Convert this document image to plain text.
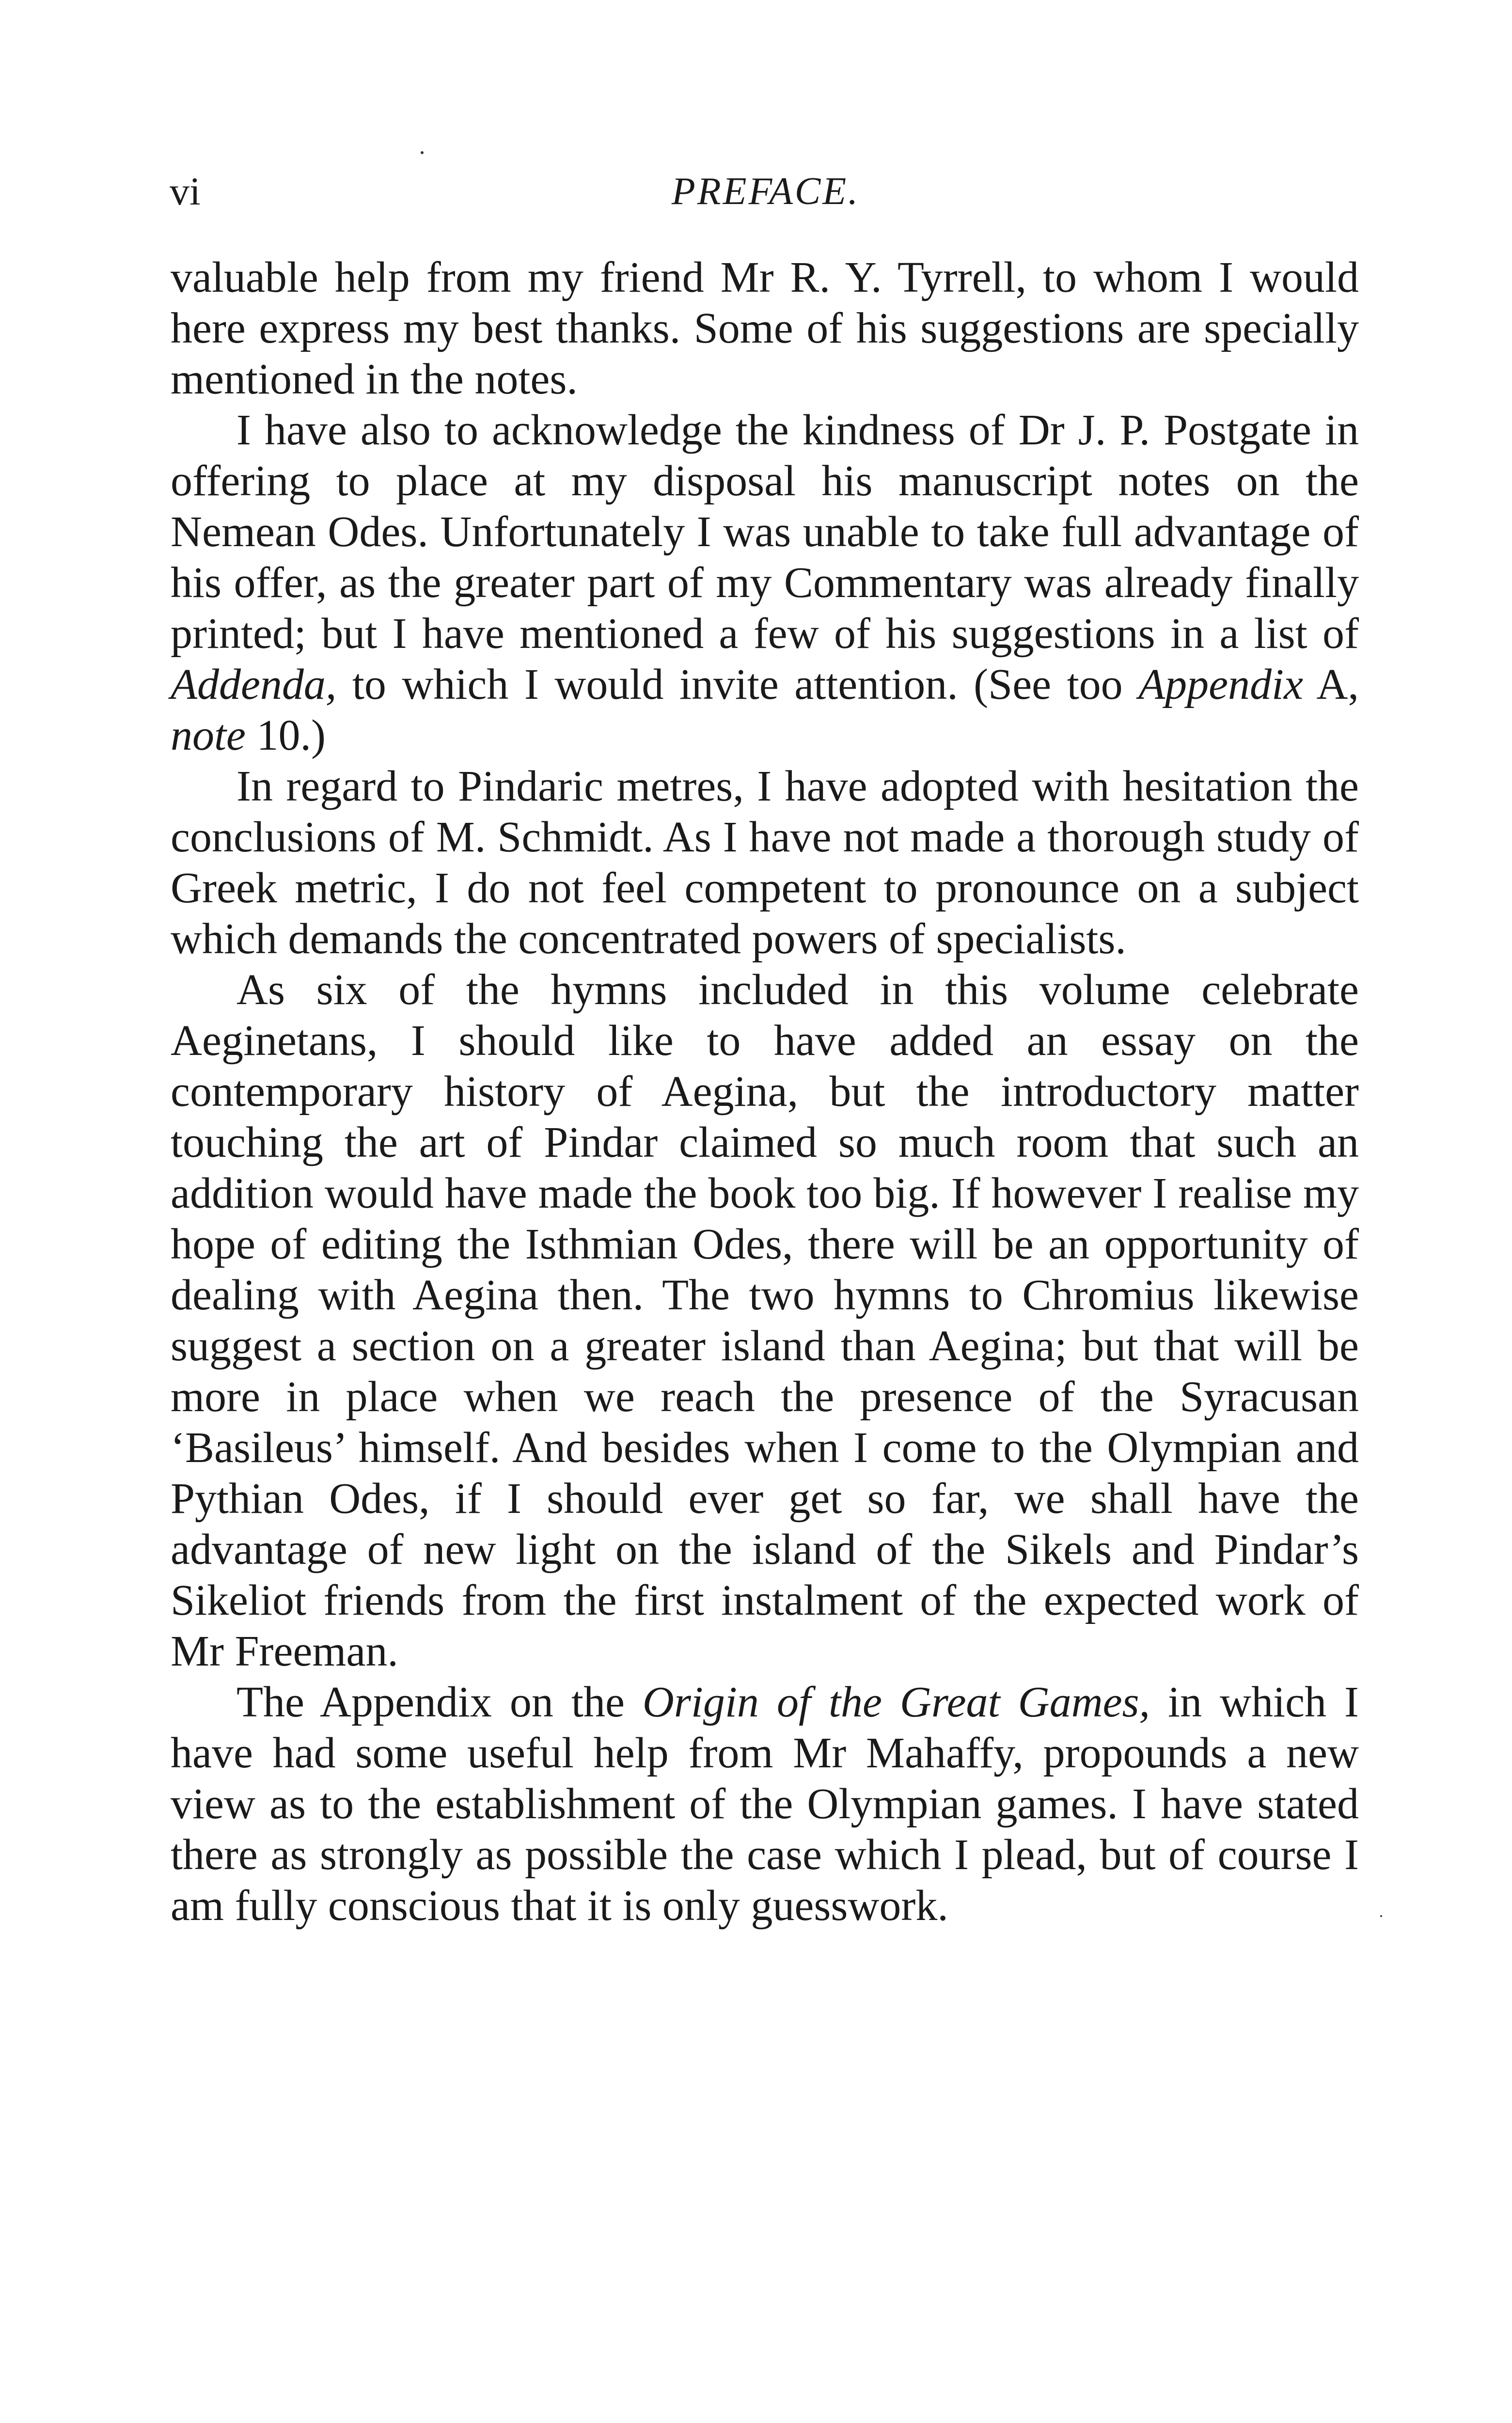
vi	PREFACE.

valuable help from my friend Mr R. Y. Tyrrell, to whom I would here express my best thanks. Some of his suggestions are specially mentioned in the notes.

I have also to acknowledge the kindness of Dr J. P. Postgate in offering to place at my disposal his manuscript notes on the Nemean Odes. Unfortunately I was unable to take full advantage of his offer, as the greater part of my Commentary was already finally printed; but I have mentioned a few of his suggestions in a list of Addenda, to which I would invite attention. (See too Appendix A, note 10.)

In regard to Pindaric metres, I have adopted with hesitation the conclusions of M. Schmidt. As I have not made a thorough study of Greek metric, I do not feel competent to pronounce on a subject which demands the concentrated powers of specialists.

As six of the hymns included in this volume celebrate Aeginetans, I should like to have added an essay on the contemporary history of Aegina, but the introductory matter touching the art of Pindar claimed so much room that such an addition would have made the book too big. If however I realise my hope of editing the Isthmian Odes, there will be an opportunity of dealing with Aegina then. The two hymns to Chromius likewise suggest a section on a greater island than Aegina; but that will be more in place when we reach the presence of the Syracusan ‘Basileus’ himself. And besides when I come to the Olympian and Pythian Odes, if I should ever get so far, we shall have the advantage of new light on the island of the Sikels and Pindar’s Sikeliot friends from the first instalment of the expected work of Mr Freeman.

The Appendix on the Origin of the Great Games, in which I have had some useful help from Mr Mahaffy, propounds a new view as to the establishment of the Olympian games. I have stated there as strongly as possible the case which I plead, but of course I am fully conscious that it is only guesswork.
